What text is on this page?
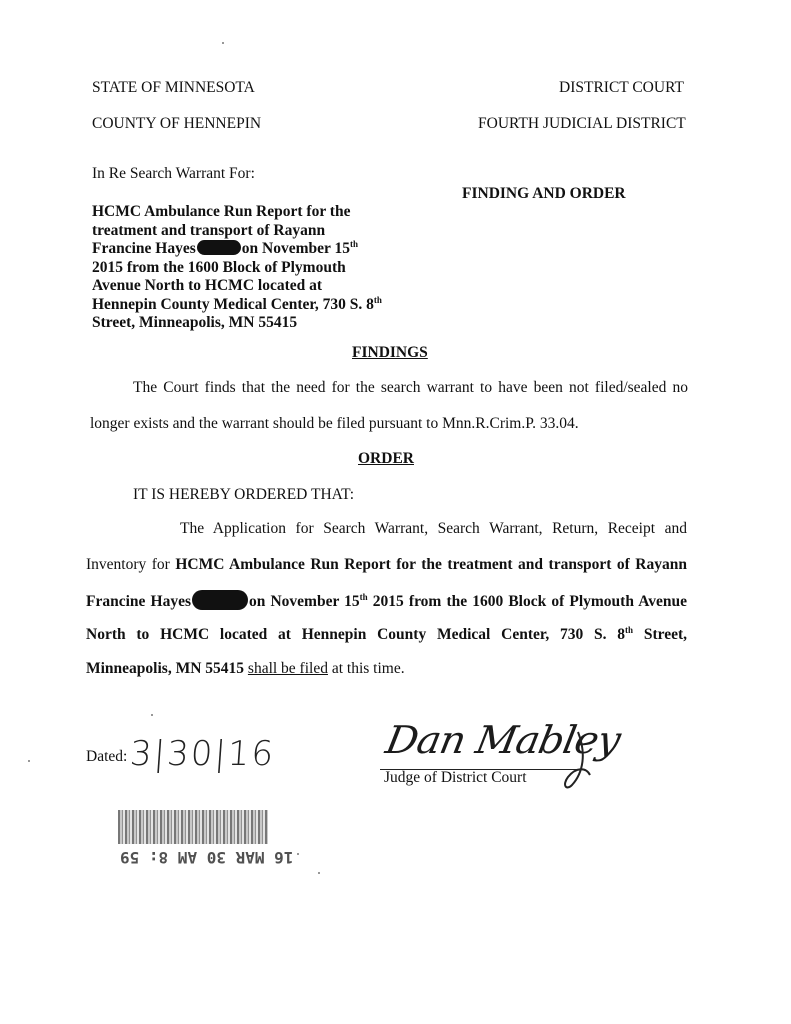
STATE OF MINNESOTA
COUNTY OF HENNEPIN
DISTRICT COURT
FOURTH JUDICIAL DISTRICT
In Re Search Warrant For:
FINDING AND ORDER
HCMC Ambulance Run Report for the
treatment and transport of Rayann
Francine Hayes	on November 15th
2015 from the 1600 Block of Plymouth
Avenue North to HCMC located at
Hennepin County Medical Center, 730 S. 8th
Street, Minneapolis, MN 55415
FINDINGS
The Court finds that the need for the search warrant to have been not filed/sealed no
longer exists and the warrant should be filed pursuant to Mnn.R.Crim.P. 33.04.
ORDER
IT IS HEREBY ORDERED THAT:
The Application for Search Warrant, Search Warrant, Return, Receipt and
Inventory for HCMC Ambulance Run Report for the treatment and transport of Rayann
Francine Hayes	on November 15th 2015 from the 1600 Block of Plymouth Avenue
North to HCMC located at Hennepin County Medical Center, 730 S. 8th Street,
Minneapolis, MN 55415 shall be filed at this time.
Dated: 3|30|16	Dan Mabley
Judge of District Court
16 MAR 30 AM 8: 59
